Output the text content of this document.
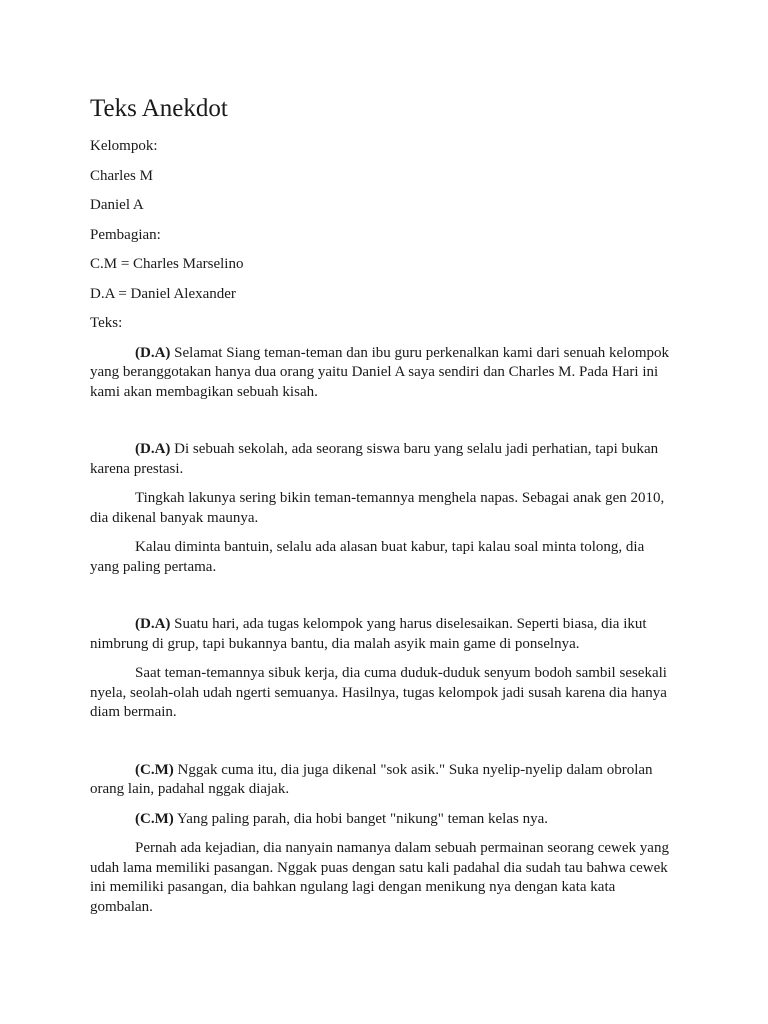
Teks Anekdot
Kelompok:
Charles M
Daniel A
Pembagian:
C.M = Charles Marselino
D.A = Daniel Alexander
Teks:

(D.A) Selamat Siang teman-teman dan ibu guru perkenalkan kami dari senuah kelompok yang beranggotakan hanya dua orang yaitu Daniel A saya sendiri dan Charles M. Pada Hari ini kami akan membagikan sebuah kisah.

(D.A) Di sebuah sekolah, ada seorang siswa baru yang selalu jadi perhatian, tapi bukan karena prestasi.

Tingkah lakunya sering bikin teman-temannya menghela napas. Sebagai anak gen 2010, dia dikenal banyak maunya.

Kalau diminta bantuin, selalu ada alasan buat kabur, tapi kalau soal minta tolong, dia yang paling pertama.

(D.A) Suatu hari, ada tugas kelompok yang harus diselesaikan. Seperti biasa, dia ikut nimbrung di grup, tapi bukannya bantu, dia malah asyik main game di ponselnya.

Saat teman-temannya sibuk kerja, dia cuma duduk-duduk senyum bodoh sambil sesekali nyela, seolah-olah udah ngerti semuanya. Hasilnya, tugas kelompok jadi susah karena dia hanya diam bermain.

(C.M) Nggak cuma itu, dia juga dikenal "sok asik." Suka nyelip-nyelip dalam obrolan orang lain, padahal nggak diajak.

(C.M) Yang paling parah, dia hobi banget "nikung" teman kelas nya.

Pernah ada kejadian, dia nanyain namanya dalam sebuah permainan seorang cewek yang udah lama memiliki pasangan. Nggak puas dengan satu kali padahal dia sudah tau bahwa cewek ini memiliki pasangan, dia bahkan ngulang lagi dengan menikung nya dengan kata kata gombalan.
